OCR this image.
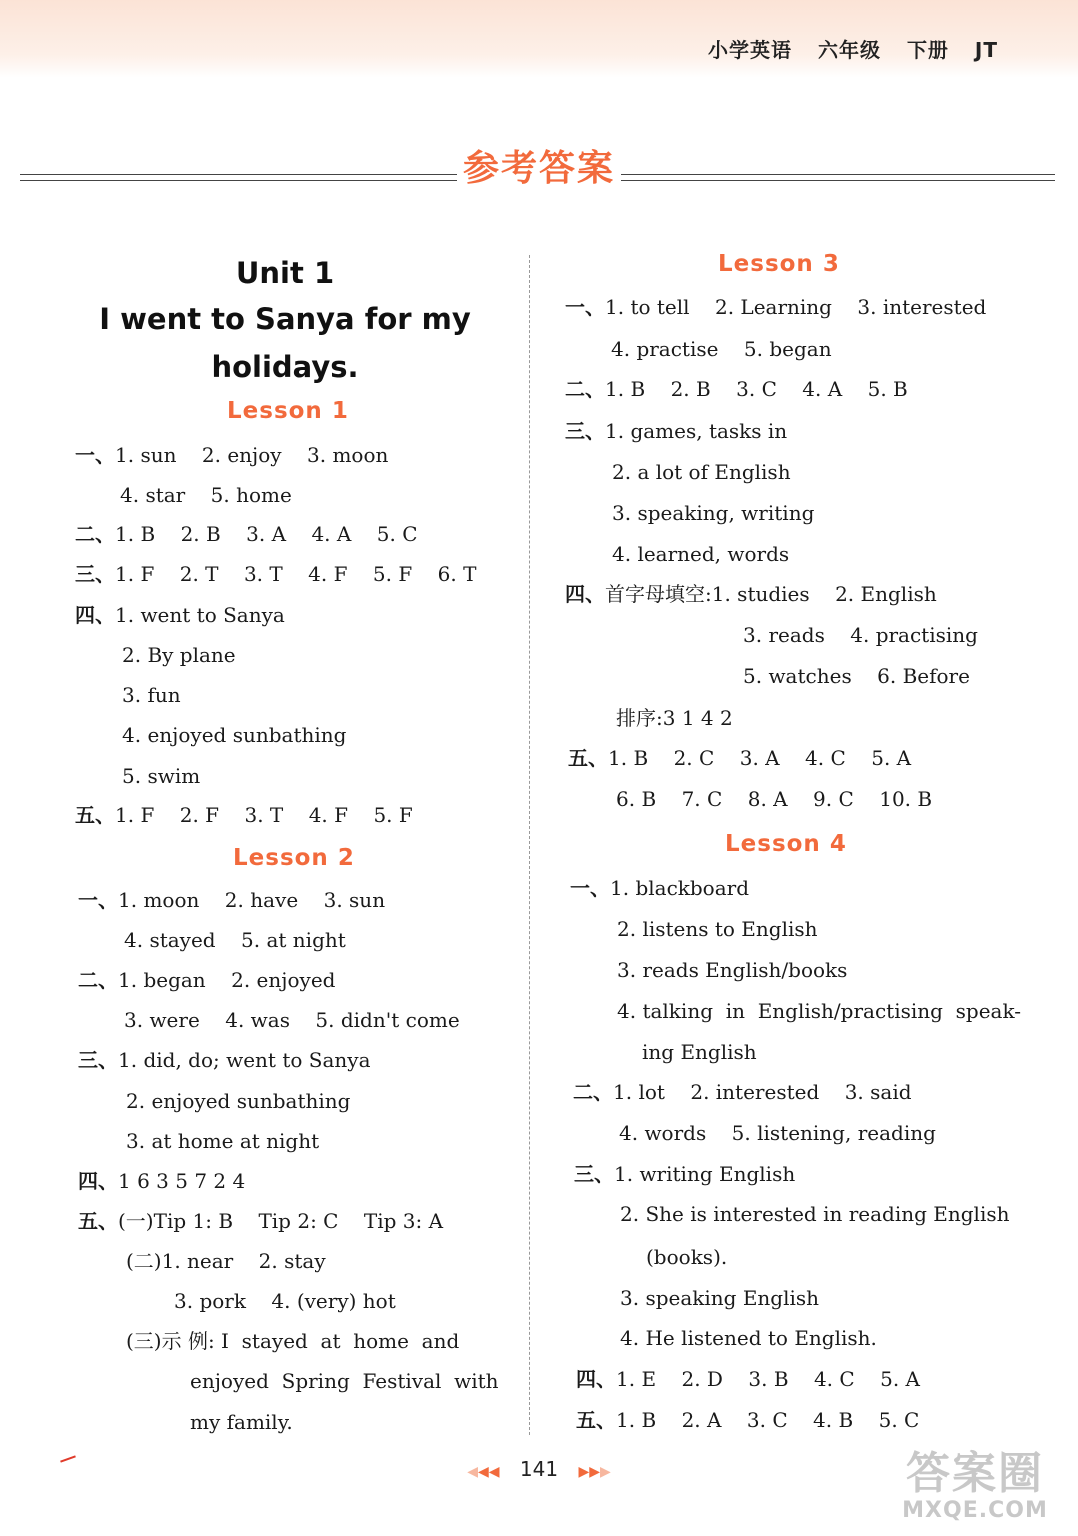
小学英语 六年级 下册 JT
参考答案
Unit 1
I went to Sanya for my
holidays.
Lesson 1
Lesson 2
一、1. sun    2. enjoy    3. moon
4. star    5. home
二、1. B    2. B    3. A    4. A    5. C
三、1. F    2. T    3. T    4. F    5. F    6. T
四、1. went to Sanya
2. By plane
3. fun
4. enjoyed sunbathing
5. swim
五、1. F    2. F    3. T    4. F    5. F
一、1. moon    2. have    3. sun
4. stayed    5. at night
二、1. began    2. enjoyed
3. were    4. was    5. didn't come
三、1. did, do; went to Sanya
2. enjoyed sunbathing
3. at home at night
四、1 6 3 5 7 2 4
五、(一)Tip 1: B    Tip 2: C    Tip 3: A
(二)1. near    2. stay
3. pork    4. (very) hot
(三)示 例: I  stayed  at  home  and
enjoyed  Spring  Festival  with
my family.
Lesson 3
Lesson 4
一、1. to tell    2. Learning    3. interested
4. practise    5. began
二、1. B    2. B    3. C    4. A    5. B
三、1. games, tasks in
2. a lot of English
3. speaking, writing
4. learned, words
四、首字母填空:1. studies    2. English
3. reads    4. practising
5. watches    6. Before
排序:3 1 4 2
五、1. B    2. C    3. A    4. C    5. A
6. B    7. C    8. A    9. C    10. B
一、1. blackboard
2. listens to English
3. reads English/books
4. talking  in  English/practising  speak-
ing English
二、1. lot    2. interested    3. said
4. words    5. listening, reading
三、1. writing English
2. She is interested in reading English
(books).
3. speaking English
4. He listened to English.
四、1. E    2. D    3. B    4. C    5. A
五、1. B    2. A    3. C    4. B    5. C
◀◀◀ 141 ▶▶▶	答案圈
MXQE.COM
